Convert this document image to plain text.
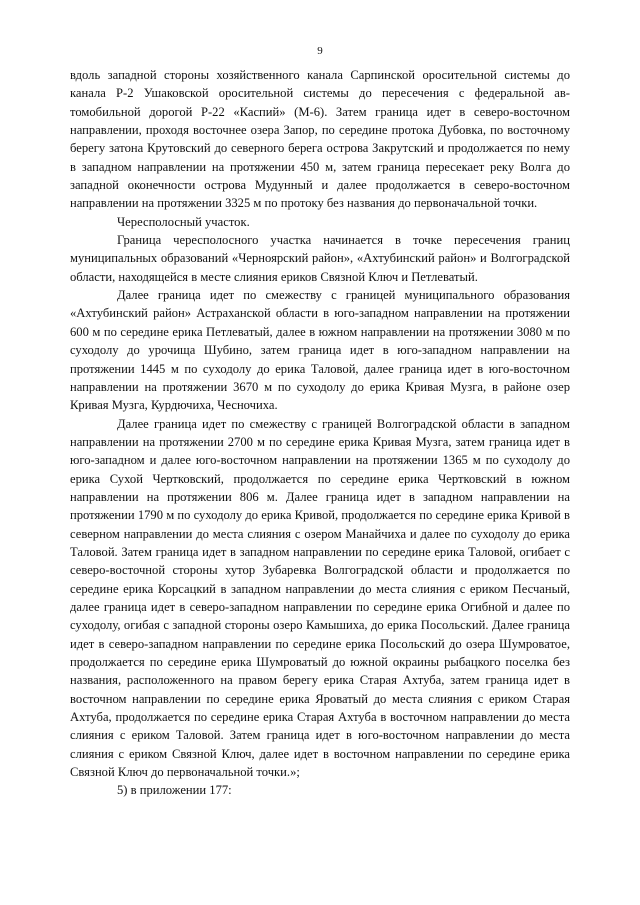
9

вдоль западной стороны хозяйственного канала Сарпинской оросительной системы до канала Р-2 Ушаковской оросительной системы до пересечения с федеральной автомобильной дорогой Р-22 «Каспий» (М-6). Затем граница идет в северо-восточном направлении, проходя восточнее озера Запор, по середине протока Дубовка, по восточному берегу затона Крутовский до северного берега острова Закрутский и продолжается по нему в западном направлении на протяжении 450 м, затем граница пересекает реку Волга до западной оконечности острова Мудунный и далее продолжается в северо-восточном направлении на протяжении 3325 м по протоку без названия до первоначальной точки.

Чересполосный участок.

Граница чересполосного участка начинается в точке пересечения границ муниципальных образований «Черноярский район», «Ахтубинский район» и Волгоградской области, находящейся в месте слияния ериков Связной Ключ и Петлеватый.

Далее граница идет по смежеству с границей муниципального образования «Ахтубинский район» Астраханской области в юго-западном направлении на протяжении 600 м по середине ерика Петлеватый, далее в южном направлении на протяжении 3080 м по суходолу до урочища Шубино, затем граница идет в юго-западном направлении на протяжении 1445 м по суходолу до ерика Таловой, далее граница идет в юго-восточном направлении на протяжении 3670 м по суходолу до ерика Кривая Музга, в районе озер Кривая Музга, Курдючиха, Чесночиха.

Далее граница идет по смежеству с границей Волгоградской области в западном направлении на протяжении 2700 м по середине ерика Кривая Музга, затем граница идет в юго-западном и далее юго-восточном направлении на протяжении 1365 м по суходолу до ерика Сухой Чертковский, продолжается по середине ерика Чертковский в южном направлении на протяжении 806 м. Далее граница идет в западном направлении на протяжении 1790 м по суходолу до ерика Кривой, продолжается по середине ерика Кривой в северном направлении до места слияния с озером Манайчиха и далее по суходолу до ерика Таловой. Затем граница идет в западном направлении по середине ерика Таловой, огибает с северо-восточной стороны хутор Зубаревка Волгоградской области и продолжается по середине ерика Корсацкий в западном направлении до места слияния с ериком Песчаный, далее граница идет в северо-западном направлении по середине ерика Огибной и далее по суходолу, огибая с западной стороны озеро Камышиха, до ерика Посольский. Далее граница идет в северо-западном направлении по середине ерика Посольский до озера Шумроватое, продолжается по середине ерика Шумроватый до южной окраины рыбацкого поселка без названия, расположенного на правом берегу ерика Старая Ахтуба, затем граница идет в восточном направлении по середине ерика Яроватый до места слияния с ериком Старая Ахтуба, продолжается по середине ерика Старая Ахтуба в восточном направлении до места слияния с ериком Таловой. Затем граница идет в юго-восточном направлении до места слияния с ериком Связной Ключ, далее идет в восточном направлении по середине ерика Связной Ключ до первоначальной точки.»;

5) в приложении 177:
